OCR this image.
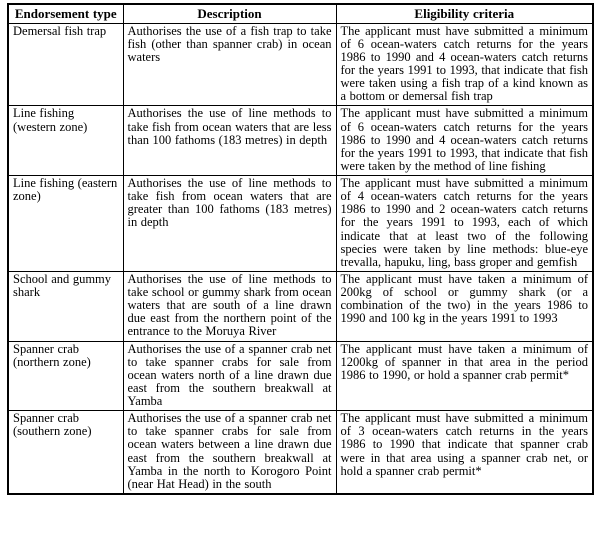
Endorsement type	Description	Eligibility criteria
Demersal fish trap	Authorises the use of a fish trap to take fish (other than spanner crab) in ocean waters	The applicant must have submitted a minimum of 6 ocean-waters catch returns for the years 1986 to 1990 and 4 ocean-waters catch returns for the years 1991 to 1993, that indicate that fish were taken using a fish trap of a kind known as a bottom or demersal fish trap
Line fishing (western zone)	Authorises the use of line methods to take fish from ocean waters that are less than 100 fathoms (183 metres) in depth	The applicant must have submitted a minimum of 6 ocean-waters catch returns for the years 1986 to 1990 and 4 ocean-waters catch returns for the years 1991 to 1993, that indicate that fish were taken by the method of line fishing
Line fishing (eastern zone)	Authorises the use of line methods to take fish from ocean waters that are greater than 100 fathoms (183 metres) in depth	The applicant must have submitted a minimum of 4 ocean-waters catch returns for the years 1986 to 1990 and 2 ocean-waters catch returns for the years 1991 to 1993, each of which indicate that at least two of the following species were taken by line methods: blue-eye trevalla, hapuku, ling, bass groper and gemfish
School and gummy shark	Authorises the use of line methods to take school or gummy shark from ocean waters that are south of a line drawn due east from the northern point of the entrance to the Moruya River	The applicant must have taken a minimum of 200kg of school or gummy shark (or a combination of the two) in the years 1986 to 1990 and 100 kg in the years 1991 to 1993
Spanner crab (northern zone)	Authorises the use of a spanner crab net to take spanner crabs for sale from ocean waters north of a line drawn due east from the southern breakwall at Yamba	The applicant must have taken a minimum of 1200kg of spanner in that area in the period 1986 to 1990, or hold a spanner crab permit*
Spanner crab (southern zone)	Authorises the use of a spanner crab net to take spanner crabs for sale from ocean waters between a line drawn due east from the southern breakwall at Yamba in the north to Korogoro Point (near Hat Head) in the south	The applicant must have submitted a minimum of 3 ocean-waters catch returns in the years 1986 to 1990 that indicate that spanner crab were in that area using a spanner crab net, or hold a spanner crab permit*
